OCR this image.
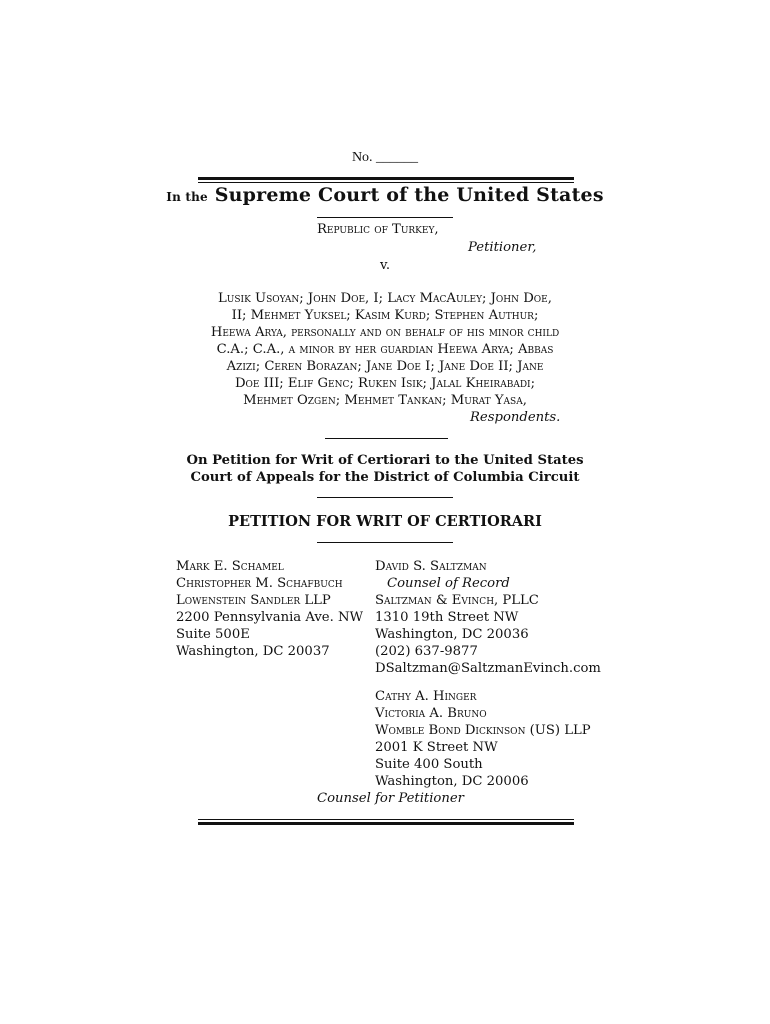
No. ______
In the Supreme Court of the United States
Republic of Turkey,
Petitioner,
v.
Lusik Usoyan; John Doe, I; Lacy MacAuley; John Doe,
II; Mehmet Yuksel; Kasim Kurd; Stephen Authur;
Heewa Arya, personally and on behalf of his minor child
C.A.; C.A., a minor by her guardian Heewa Arya; Abbas
Azizi; Ceren Borazan; Jane Doe I; Jane Doe II; Jane
Doe III; Elif Genc; Ruken Isik; Jalal Kheirabadi;
Mehmet Ozgen; Mehmet Tankan; Murat Yasa,
Respondents.
On Petition for Writ of Certiorari to the United States
Court of Appeals for the District of Columbia Circuit
PETITION FOR WRIT OF CERTIORARI
Mark E. Schamel
Christopher M. Schafbuch
Lowenstein Sandler LLP
2200 Pennsylvania Ave. NW
Suite 500E
Washington, DC 20037
David S. Saltzman
Counsel of Record
Saltzman & Evinch, PLLC
1310 19th Street NW
Washington, DC 20036
(202) 637-9877
DSaltzman@SaltzmanEvinch.com
Cathy A. Hinger
Victoria A. Bruno
Womble Bond Dickinson (US) LLP
2001 K Street NW
Suite 400 South
Washington, DC 20006
Counsel for Petitioner
